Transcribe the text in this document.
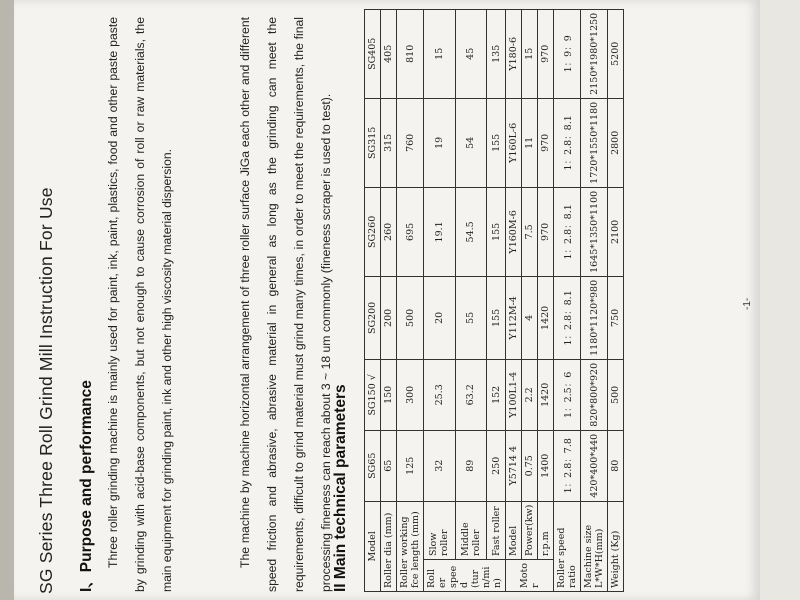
SG Series Three Roll Grind Mill Instruction For Use I、Purpose and performance Three roller grinding machine is mainly used for paint, ink, paint, plastics, food and other paste paste by grinding with acid-base components, but not enough to cause corrosion of roll or raw materials, the main equipment for grinding paint, ink and other high viscosity material dispersion.	The machine by machine horizontal arrangement of three roller surface JiGa each other and different speed friction and abrasive, abrasive material in general as long as the grinding can meet the requirements, difficult to grind material must grind many times, in order to meet the requirements, the final processing fineness can reach about 3 ~ 18 um commonly (fineness scraper is used to test). II Main technical parameters Model		SG65	SG150 √	SG200	SG260	SG315	SG405
Roller dia (mm)		65	150	200	260	315	405
Roller working fce length (mm)		125	300	500	695	760	810
Roll er spee d (tur n/mi n)	Slow roller	32	25.3	20	19.1	19	15
	Middle roller	89	63.2	55	54.5	54	45
	Fast roller	250	152	155	155	155	135
Moto r	Model	Y5714 4	Y100L1-4	Y112M-4	Y160M-6	Y160L-6	Y180-6
	Power(kw)	0.75	2.2	4	7.5	11	15
	r.p.m	1400	1420	1420	970	970	970
Roller speed ratio		1：2.8：7.8	1：2.5：6	1：2.8：8.1	1：2.8：8.1	1：2.8：8.1	1：9：9
Machine size L*W*H(mm)		420*400*440	820*800*920	1180*1120*980	1645*1350*1100	1720*1550*1180	2150*1980*1250
Weight (Kg)		80	500	750	2100	2800	5200
-1-
